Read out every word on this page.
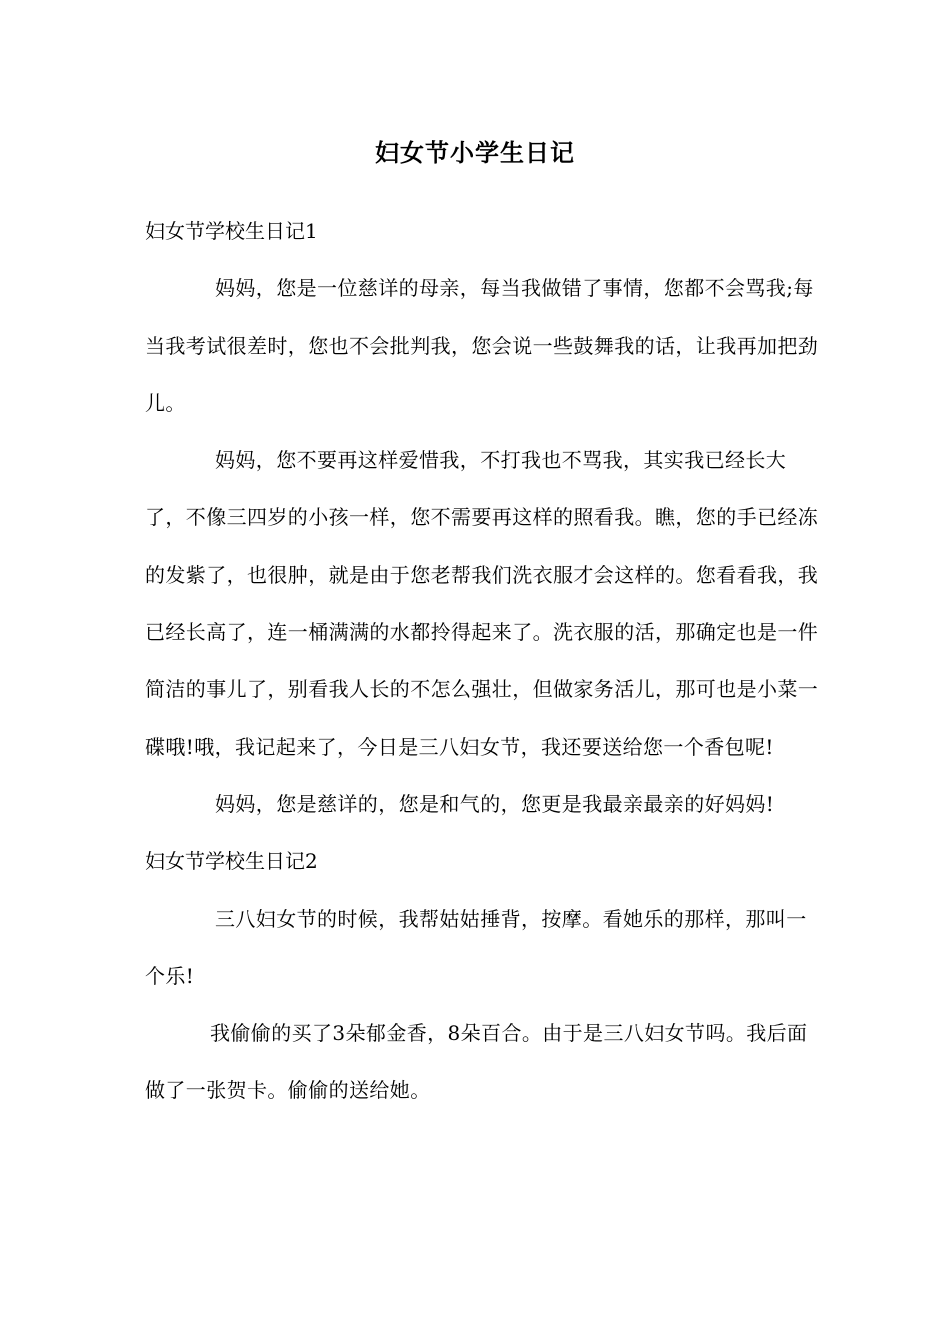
妇女节小学生日记

妇女节学校生日记1

妈妈，您是一位慈详的母亲，每当我做错了事情，您都不会骂我;每当我考试很差时，您也不会批判我，您会说一些鼓舞我的话，让我再加把劲儿。

妈妈，您不要再这样爱惜我，不打我也不骂我，其实我已经长大了，不像三四岁的小孩一样，您不需要再这样的照看我。瞧，您的手已经冻的发紫了，也很肿，就是由于您老帮我们洗衣服才会这样的。您看看我，我已经长高了，连一桶满满的水都拎得起来了。洗衣服的活，那确定也是一件简洁的事儿了，别看我人长的不怎么强壮，但做家务活儿，那可也是小菜一碟哦!哦，我记起来了，今日是三八妇女节，我还要送给您一个香包呢!

妈妈，您是慈详的，您是和气的，您更是我最亲最亲的好妈妈!

妇女节学校生日记2

三八妇女节的时候，我帮姑姑捶背，按摩。看她乐的那样，那叫一个乐!

我偷偷的买了3朵郁金香，8朵百合。由于是三八妇女节吗。我后面做了一张贺卡。偷偷的送给她。
